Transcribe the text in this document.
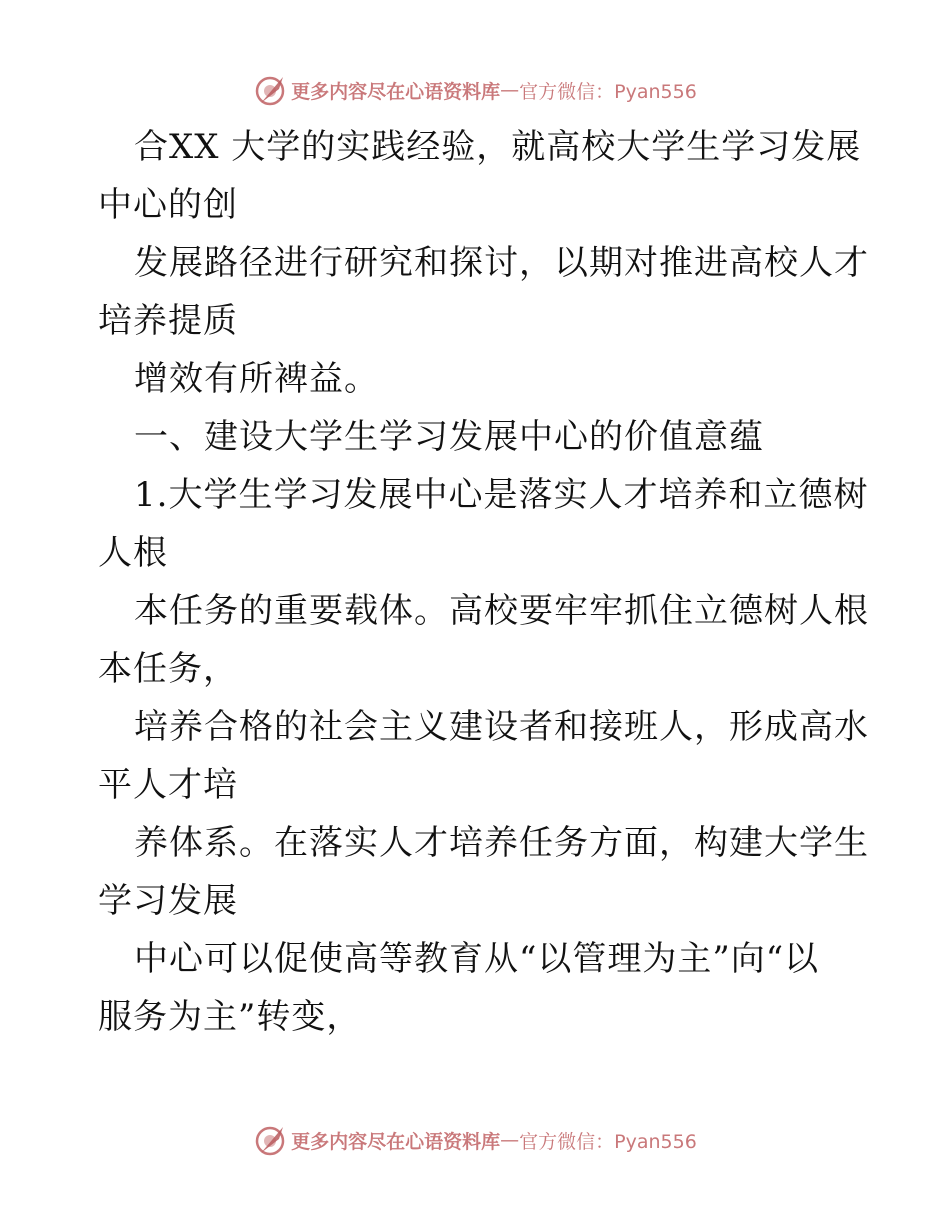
更多内容尽在心语资料库 — 官方微信：Pyan556
合XX 大学的实践经验，就高校大学生学习发展
中心的创
发展路径进行研究和探讨，以期对推进高校人才
培养提质
增效有所裨益。
一、建设大学生学习发展中心的价值意蕴
1.大学生学习发展中心是落实人才培养和立德树
人根
本任务的重要载体。高校要牢牢抓住立德树人根
本任务，
培养合格的社会主义建设者和接班人，形成高水
平人才培
养体系。在落实人才培养任务方面，构建大学生
学习发展
中心可以促使高等教育从“以管理为主”向“以
服务为主”转变，
更多内容尽在心语资料库 — 官方微信：Pyan556
